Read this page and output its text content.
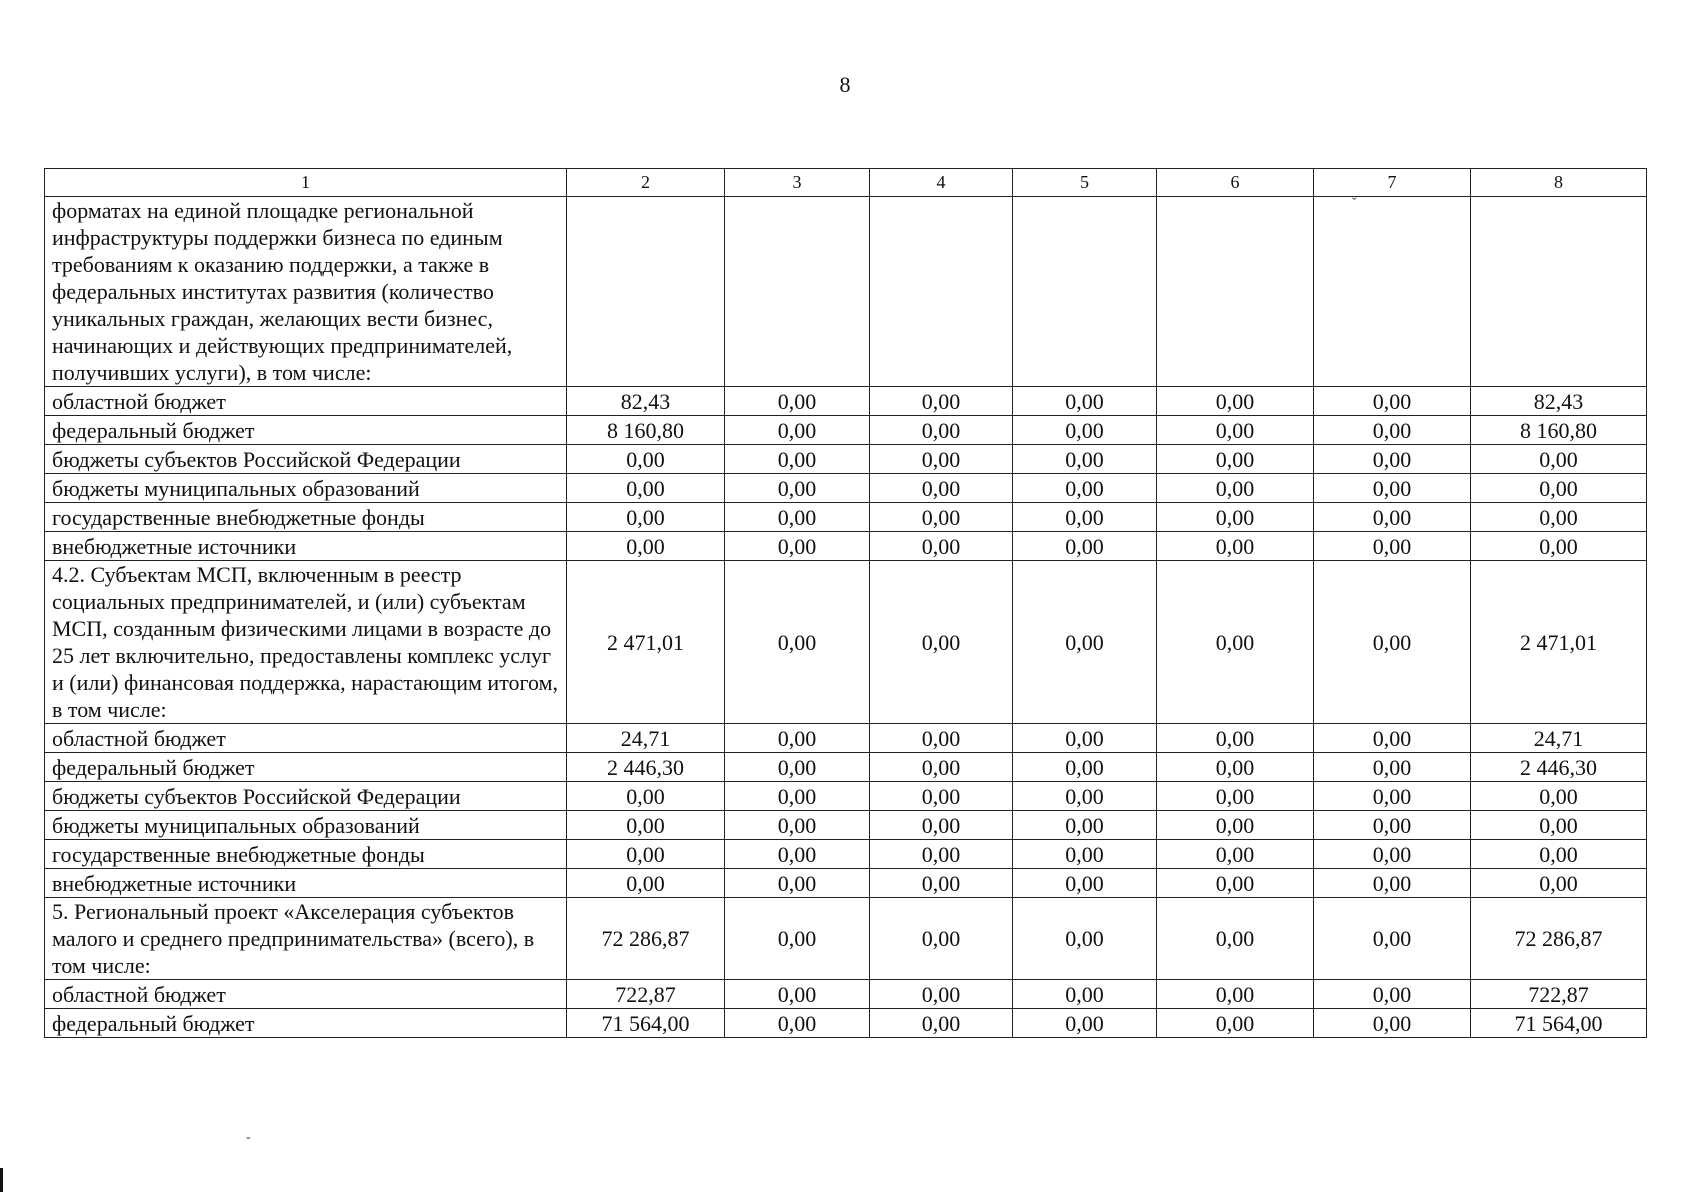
8
1	2	3	4	5	6	7	8
форматах на единой площадке региональной инфраструктуры поддержки бизнеса по единым требованиям к оказанию поддержки, а также в федеральных институтах развития (количество уникальных граждан, желающих вести бизнес, начинающих и действующих предпринимателей, получивших услуги), в том числе:							
областной бюджет	82,43	0,00	0,00	0,00	0,00	0,00	82,43
федеральный бюджет	8 160,80	0,00	0,00	0,00	0,00	0,00	8 160,80
бюджеты субъектов Российской Федерации	0,00	0,00	0,00	0,00	0,00	0,00	0,00
бюджеты муниципальных образований	0,00	0,00	0,00	0,00	0,00	0,00	0,00
государственные внебюджетные фонды	0,00	0,00	0,00	0,00	0,00	0,00	0,00
внебюджетные источники	0,00	0,00	0,00	0,00	0,00	0,00	0,00
4.2. Субъектам МСП, включенным в реестр социальных предпринимателей, и (или) субъектам МСП, созданным физическими лицами в возрасте до 25 лет включительно, предоставлены комплекс услуг и (или) финансовая поддержка, нарастающим итогом, в том числе:	2 471,01	0,00	0,00	0,00	0,00	0,00	2 471,01
областной бюджет	24,71	0,00	0,00	0,00	0,00	0,00	24,71
федеральный бюджет	2 446,30	0,00	0,00	0,00	0,00	0,00	2 446,30
бюджеты субъектов Российской Федерации	0,00	0,00	0,00	0,00	0,00	0,00	0,00
бюджеты муниципальных образований	0,00	0,00	0,00	0,00	0,00	0,00	0,00
государственные внебюджетные фонды	0,00	0,00	0,00	0,00	0,00	0,00	0,00
внебюджетные источники	0,00	0,00	0,00	0,00	0,00	0,00	0,00
5. Региональный проект «Акселерация субъектов малого и среднего предпринимательства» (всего), в том числе:	72 286,87	0,00	0,00	0,00	0,00	0,00	72 286,87
областной бюджет	722,87	0,00	0,00	0,00	0,00	0,00	722,87
федеральный бюджет	71 564,00	0,00	0,00	0,00	0,00	0,00	71 564,00
ˇ
-
